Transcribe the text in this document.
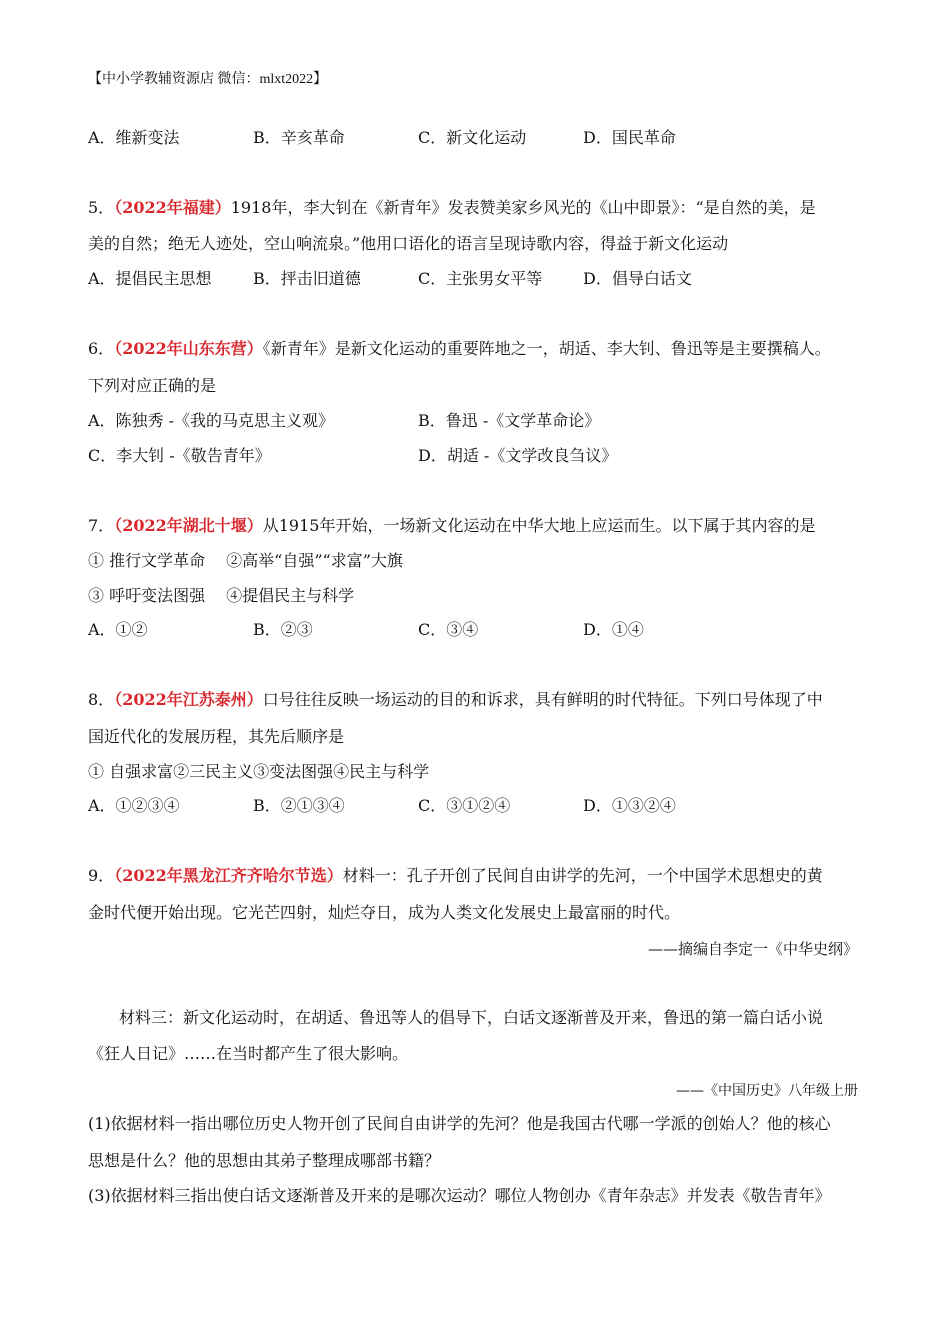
【中小学教辅资源店 微信：mlxt2022】
A．维新变法	B．辛亥革命	C．新文化运动	D．国民革命
5．（2022年福建）1918年，李大钊在《新青年》发表赞美家乡风光的《山中即景》：“是自然的美，是
美的自然；绝无人迹处，空山响流泉。”他用口语化的语言呈现诗歌内容，得益于新文化运动
A．提倡民主思想	B．抨击旧道德	C．主张男女平等	D．倡导白话文
6．（2022年山东东营）《新青年》是新文化运动的重要阵地之一，胡适、李大钊、鲁迅等是主要撰稿人。
下列对应正确的是
A．陈独秀 -《我的马克思主义观》	B．鲁迅 -《文学革命论》
C．李大钊 -《敬告青年》	D．胡适 -《文学改良刍议》
7．（2022年湖北十堰）从1915年开始，一场新文化运动在中华大地上应运而生。以下属于其内容的是
① 推行文学革命　 ②高举“自强”“求富”大旗
③ 呼吁变法图强　 ④提倡民主与科学
A．①②	B．②③	C．③④	D．①④
8．（2022年江苏泰州）口号往往反映一场运动的目的和诉求，具有鲜明的时代特征。下列口号体现了中
国近代化的发展历程，其先后顺序是
① 自强求富②三民主义③变法图强④民主与科学
A．①②③④	B．②①③④	C．③①②④	D．①③②④
9．（2022年黑龙江齐齐哈尔节选）材料一：孔子开创了民间自由讲学的先河，一个中国学术思想史的黄
金时代便开始出现。它光芒四射，灿烂夺日，成为人类文化发展史上最富丽的时代。
——摘编自李定一《中华史纲》
材料三：新文化运动时，在胡适、鲁迅等人的倡导下，白话文逐渐普及开来，鲁迅的第一篇白话小说
《狂人日记》……在当时都产生了很大影响。
——《中国历史》八年级上册
(1)依据材料一指出哪位历史人物开创了民间自由讲学的先河？他是我国古代哪一学派的创始人？他的核心
思想是什么？他的思想由其弟子整理成哪部书籍？
(3)依据材料三指出使白话文逐渐普及开来的是哪次运动？哪位人物创办《青年杂志》并发表《敬告青年》
